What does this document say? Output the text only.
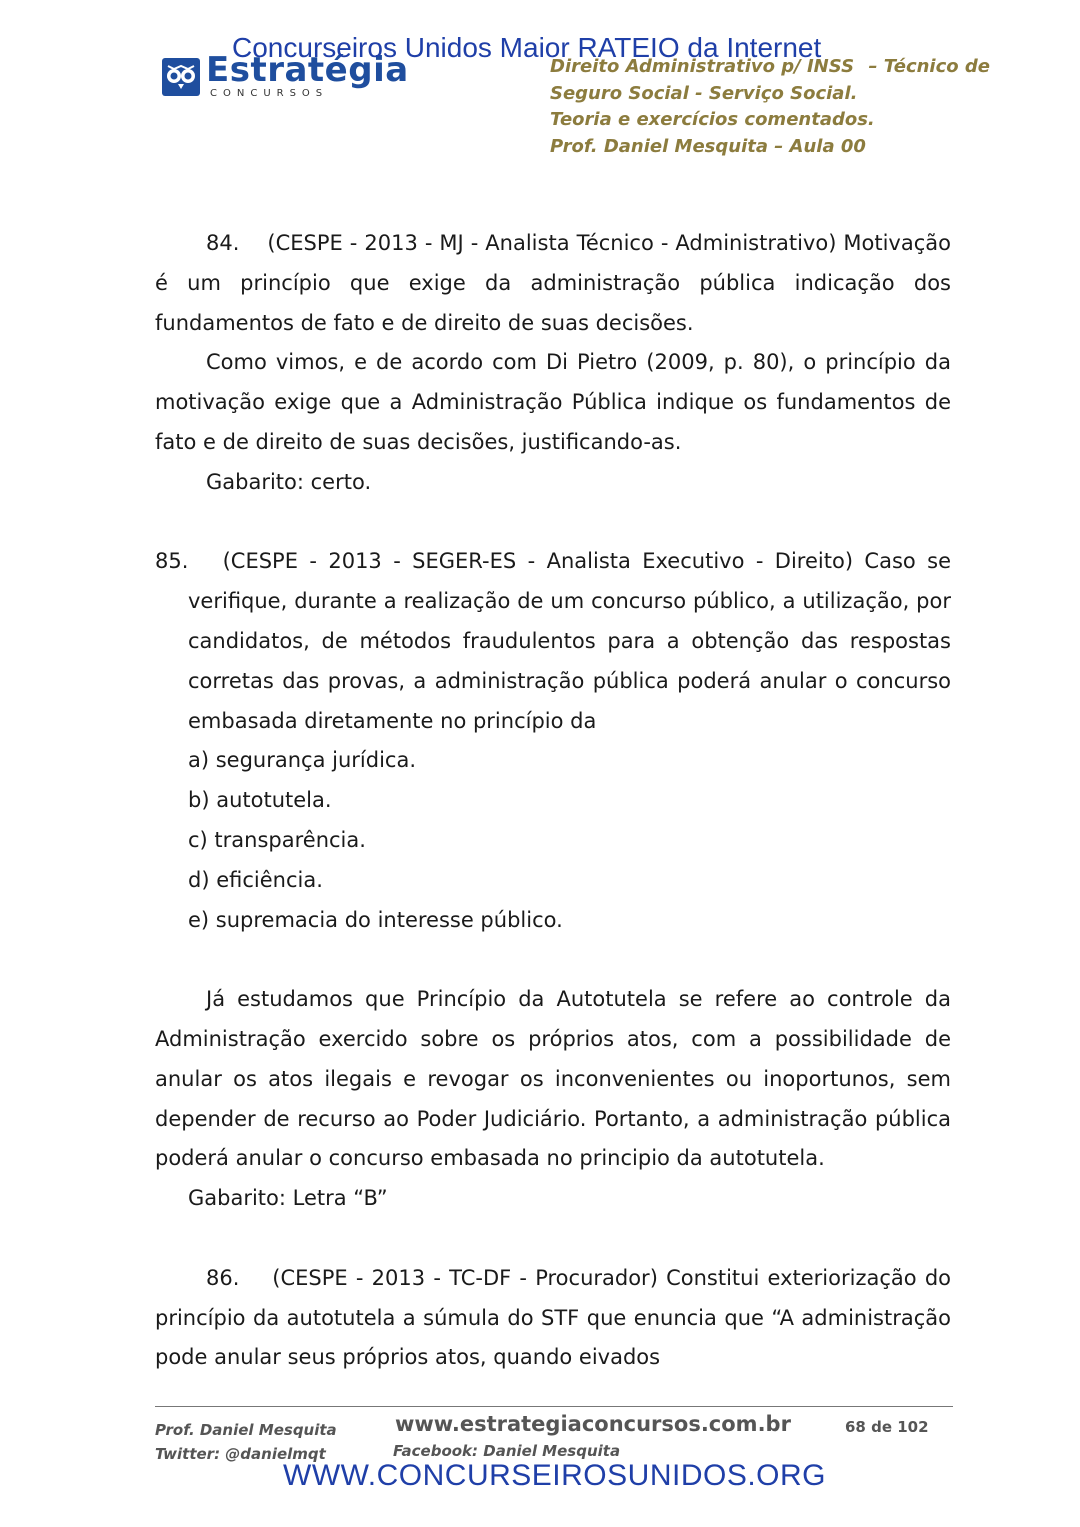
Estratégia
CONCURSOS
Concurseiros Unidos Maior RATEIO da Internet
Direito Administrativo p/ INSS – Técnico de
Seguro Social - Serviço Social.
Teoria e exercícios comentados.
Prof. Daniel Mesquita – Aula 00

84.    (CESPE - 2013 - MJ - Analista Técnico - Administrativo) Motivação é um princípio que exige da administração pública indicação dos fundamentos de fato e de direito de suas decisões.

Como vimos, e de acordo com Di Pietro (2009, p. 80), o princípio da motivação exige que a Administração Pública indique os fundamentos de fato e de direito de suas decisões, justificando-as.

Gabarito: certo.

85.   (CESPE - 2013 - SEGER-ES - Analista Executivo - Direito) Caso se verifique, durante a realização de um concurso público, a utilização, por candidatos, de métodos fraudulentos para a obtenção das respostas corretas das provas, a administração pública poderá anular o concurso embasada diretamente no princípio da

a) segurança jurídica.

b) autotutela.

c) transparência.

d) eficiência.

e) supremacia do interesse público.

Já estudamos que Princípio da Autotutela se refere ao controle da Administração exercido sobre os próprios atos, com a possibilidade de anular os atos ilegais e revogar os inconvenientes ou inoportunos, sem depender de recurso ao Poder Judiciário. Portanto, a administração pública poderá anular o concurso embasada no principio da autotutela.

Gabarito: Letra “B”

86.    (CESPE - 2013 - TC-DF - Procurador) Constitui exteriorização do princípio da autotutela a súmula do STF que enuncia que “A administração pode anular seus próprios atos, quando eivados

Prof. Daniel Mesquita
Twitter: @danielmqt
www.estrategiaconcursos.com.br
Facebook: Daniel Mesquita
68 de 102
WWW.CONCURSEIROSUNIDOS.ORG
